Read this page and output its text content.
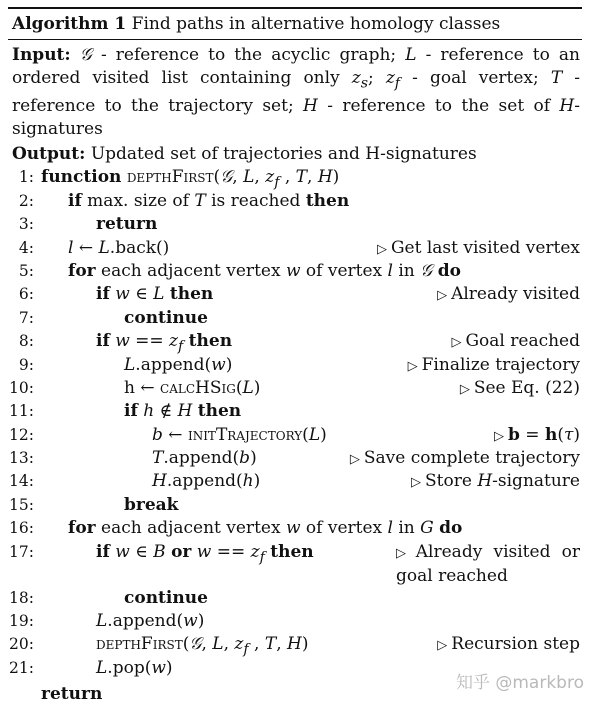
Algorithm 1 Find paths in alternative homology classes
Input: 𝒢 - reference to the acyclic graph; L - reference to an ordered visited list containing only $z_s$; $z_f$ - goal vertex; T - reference to the trajectory set; H - reference to the set of H-signatures
Output: Updated set of trajectories and H-signatures
1: function depthFirst(𝒢, L, $z_f$ , T, H)
2: if max. size of T is reached then
3:	return
4: l ← L.back()	▷ Get last visited vertex
5: for each adjacent vertex w of vertex l in 𝒢 do
6:	if w ∈ L then	▷ Already visited
7:	continue
8:	if $w == z_f$ then	▷ Goal reached
9:	L.append(w)	▷ Finalize trajectory
10:	h ← calcHSig(L)	▷ See Eq. (22)
11:	if h ∉ H then
12:	b ← initTrajectory(L)	▷ b = h(τ)
13:	T.append(b)	▷ Save complete trajectory
14:	H.append(h)	▷ Store H-signature
15:	break
16: for each adjacent vertex w of vertex l in G do
17:	if w ∈ B or $w == z_f$ then	▷ Already visited or goal reached
18:	continue
19:	L.append(w)
20:	depthFirst(𝒢, L, $z_f$ , T, H)	▷ Recursion step
21:	L.pop(w)
return
知乎 @markbro
